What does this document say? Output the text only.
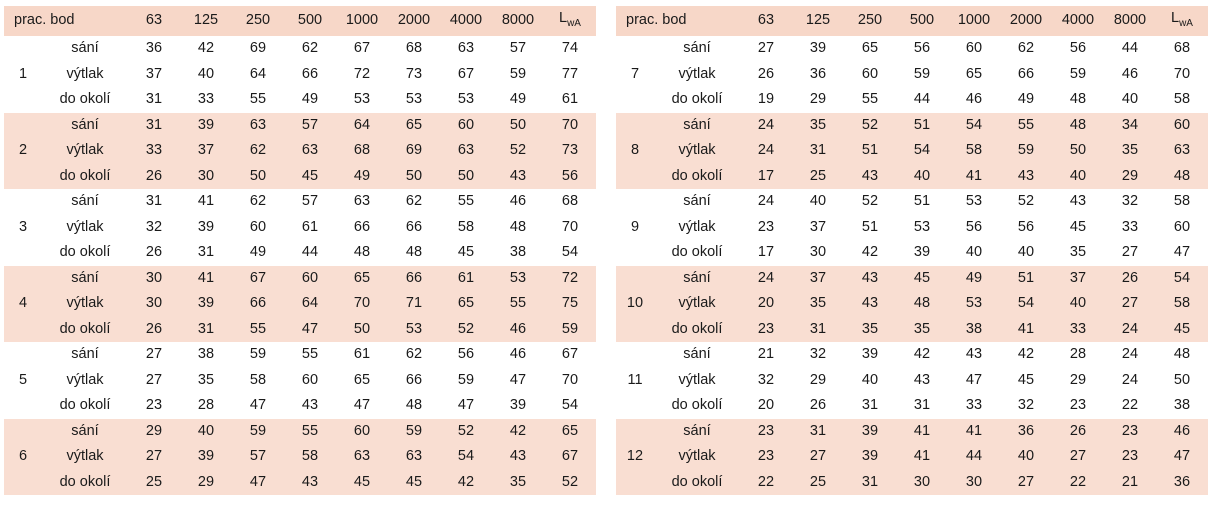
prac. bod		63	125	250	500	1000	2000	4000	8000	$L_{wA}$
1	sání	36	42	69	62	67	68	63	57	74
	výtlak	37	40	64	66	72	73	67	59	77
	do okolí	31	33	55	49	53	53	53	49	61
2	sání	31	39	63	57	64	65	60	50	70
	výtlak	33	37	62	63	68	69	63	52	73
	do okolí	26	30	50	45	49	50	50	43	56
3	sání	31	41	62	57	63	62	55	46	68
	výtlak	32	39	60	61	66	66	58	48	70
	do okolí	26	31	49	44	48	48	45	38	54
4	sání	30	41	67	60	65	66	61	53	72
	výtlak	30	39	66	64	70	71	65	55	75
	do okolí	26	31	55	47	50	53	52	46	59
5	sání	27	38	59	55	61	62	56	46	67
	výtlak	27	35	58	60	65	66	59	47	70
	do okolí	23	28	47	43	47	48	47	39	54
6	sání	29	40	59	55	60	59	52	42	65
	výtlak	27	39	57	58	63	63	54	43	67
	do okolí	25	29	47	43	45	45	42	35	52
prac. bod		63	125	250	500	1000	2000	4000	8000	$L_{wA}$
7	sání	27	39	65	56	60	62	56	44	68
	výtlak	26	36	60	59	65	66	59	46	70
	do okolí	19	29	55	44	46	49	48	40	58
8	sání	24	35	52	51	54	55	48	34	60
	výtlak	24	31	51	54	58	59	50	35	63
	do okolí	17	25	43	40	41	43	40	29	48
9	sání	24	40	52	51	53	52	43	32	58
	výtlak	23	37	51	53	56	56	45	33	60
	do okolí	17	30	42	39	40	40	35	27	47
10	sání	24	37	43	45	49	51	37	26	54
	výtlak	20	35	43	48	53	54	40	27	58
	do okolí	23	31	35	35	38	41	33	24	45
11	sání	21	32	39	42	43	42	28	24	48
	výtlak	32	29	40	43	47	45	29	24	50
	do okolí	20	26	31	31	33	32	23	22	38
12	sání	23	31	39	41	41	36	26	23	46
	výtlak	23	27	39	41	44	40	27	23	47
	do okolí	22	25	31	30	30	27	22	21	36
